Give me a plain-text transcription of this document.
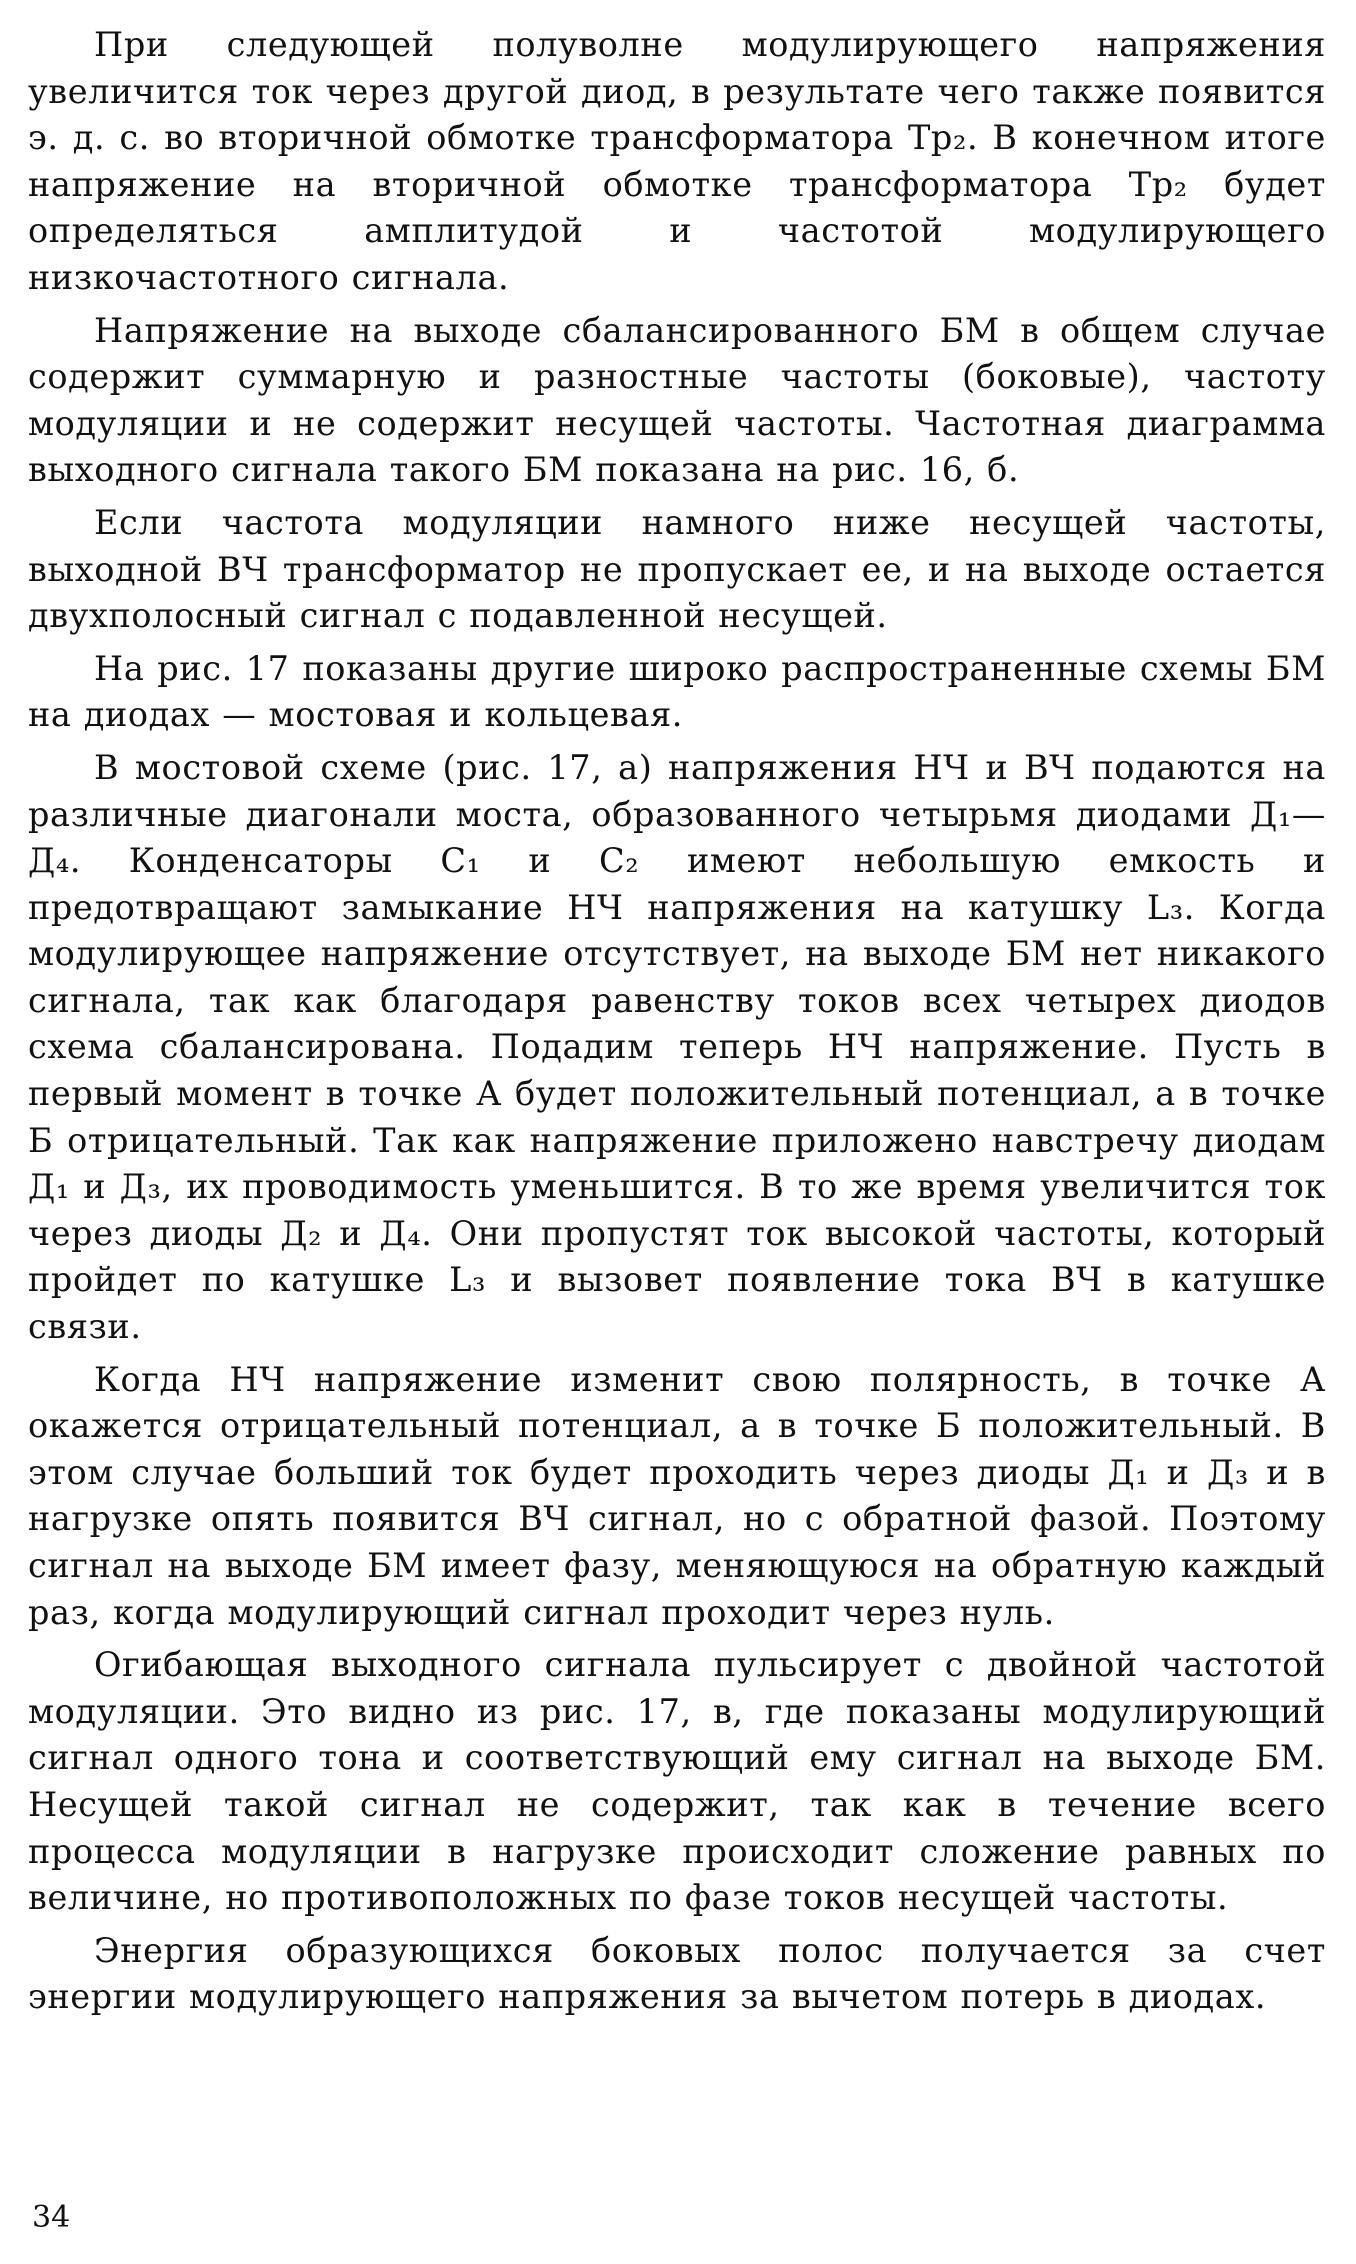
При следующей полуволне модулирующего напряжения увеличится ток через другой диод, в результате чего также появится э. д. с. во вторичной обмотке трансформатора Тр₂. В конечном итоге напряжение на вторичной обмотке трансформатора Тр₂ будет определяться амплитудой и частотой модулирующего низкочастотного сигнала.

Напряжение на выходе сбалансированного БМ в общем случае содержит суммарную и разностные частоты (боковые), частоту модуляции и не содержит несущей частоты. Частотная диаграмма выходного сигнала такого БМ показана на рис. 16, б.

Если частота модуляции намного ниже несущей частоты, выходной ВЧ трансформатор не пропускает ее, и на выходе остается двухполосный сигнал с подавленной несущей.

На рис. 17 показаны другие широко распространенные схемы БМ на диодах — мостовая и кольцевая.

В мостовой схеме (рис. 17, а) напряжения НЧ и ВЧ подаются на различные диагонали моста, образованного четырьмя диодами Д₁—Д₄. Конденсаторы C₁ и C₂ имеют небольшую емкость и предотвращают замыкание НЧ напряжения на катушку L₃. Когда модулирующее напряжение отсутствует, на выходе БМ нет никакого сигнала, так как благодаря равенству токов всех четырех диодов схема сбалансирована. Подадим теперь НЧ напряжение. Пусть в первый момент в точке А будет положительный потенциал, а в точке Б отрицательный. Так как напряжение приложено навстречу диодам Д₁ и Д₃, их проводимость уменьшится. В то же время увеличится ток через диоды Д₂ и Д₄. Они пропустят ток высокой частоты, который пройдет по катушке L₃ и вызовет появление тока ВЧ в катушке связи.

Когда НЧ напряжение изменит свою полярность, в точке А окажется отрицательный потенциал, а в точке Б положительный. В этом случае больший ток будет проходить через диоды Д₁ и Д₃ и в нагрузке опять появится ВЧ сигнал, но с обратной фазой. Поэтому сигнал на выходе БМ имеет фазу, меняющуюся на обратную каждый раз, когда модулирующий сигнал проходит через нуль.

Огибающая выходного сигнала пульсирует с двойной частотой модуляции. Это видно из рис. 17, в, где показаны модулирующий сигнал одного тона и соответствующий ему сигнал на выходе БМ. Несущей такой сигнал не содержит, так как в течение всего процесса модуляции в нагрузке происходит сложение равных по величине, но противоположных по фазе токов несущей частоты.

Энергия образующихся боковых полос получается за счет энергии модулирующего напряжения за вычетом потерь в диодах.

34
